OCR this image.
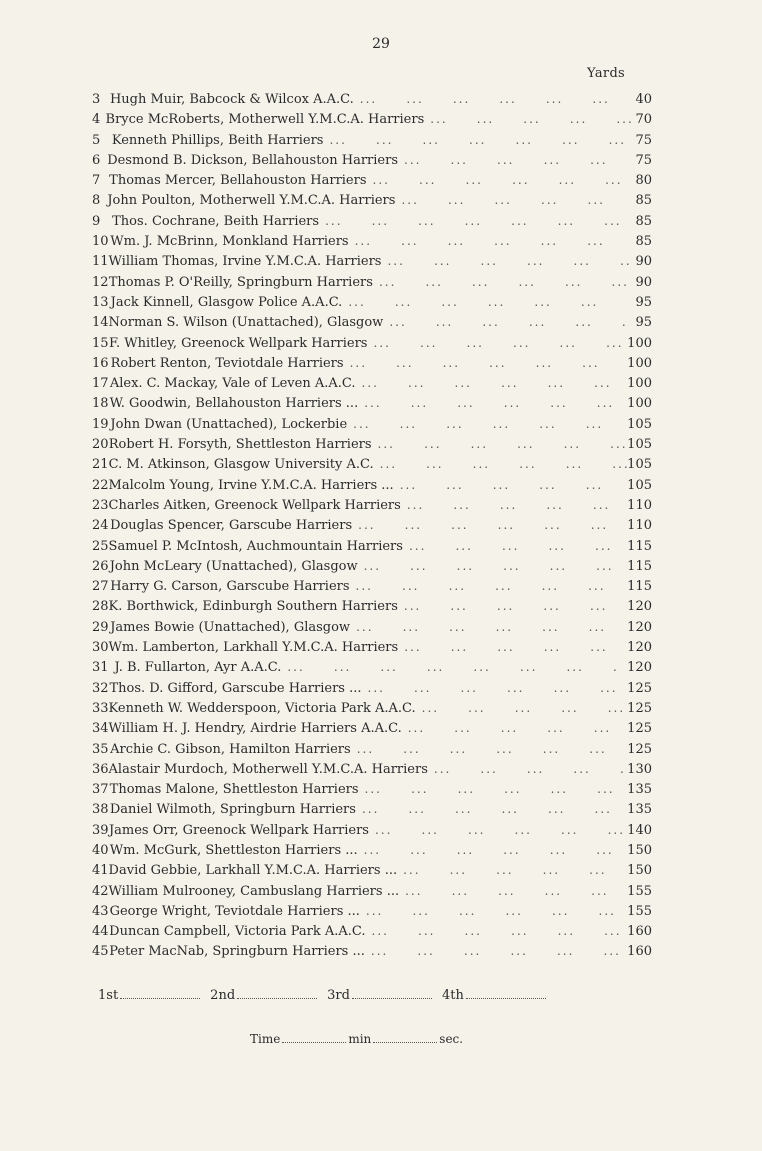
29
Yards
3 Hugh Muir, Babcock & Wilcox A.A.C. ...	40
4 Bryce McRoberts, Motherwell Y.M.C.A. Harriers ...	70
5 Kenneth Phillips, Beith Harriers ...	75
6 Desmond B. Dickson, Bellahouston Harriers ...	75
7 Thomas Mercer, Bellahouston Harriers ...	80
8 John Poulton, Motherwell Y.M.C.A. Harriers ...	85
9 Thos. Cochrane, Beith Harriers ...	85
10 Wm. J. McBrinn, Monkland Harriers ...	85
11 William Thomas, Irvine Y.M.C.A. Harriers ...	90
12 Thomas P. O'Reilly, Springburn Harriers ...	90
13 Jack Kinnell, Glasgow Police A.A.C. ...	95
14 Norman S. Wilson (Unattached), Glasgow ...	95
15 F. Whitley, Greenock Wellpark Harriers ...	100
16 Robert Renton, Teviotdale Harriers ...	100
17 Alex. C. Mackay, Vale of Leven A.A.C. ...	100
18 W. Goodwin, Bellahouston Harriers ... ...	100
19 John Dwan (Unattached), Lockerbie ...	105
20 Robert H. Forsyth, Shettleston Harriers ...	105
21 C. M. Atkinson, Glasgow University A.C. ...	105
22 Malcolm Young, Irvine Y.M.C.A. Harriers ... ...	105
23 Charles Aitken, Greenock Wellpark Harriers ...	110
24 Douglas Spencer, Garscube Harriers ...	110
25 Samuel P. McIntosh, Auchmountain Harriers ...	115
26 John McLeary (Unattached), Glasgow ...	115
27 Harry G. Carson, Garscube Harriers ...	115
28 K. Borthwick, Edinburgh Southern Harriers ...	120
29 James Bowie (Unattached), Glasgow ...	120
30 Wm. Lamberton, Larkhall Y.M.C.A. Harriers ...	120
31 J. B. Fullarton, Ayr A.A.C. ...	120
32 Thos. D. Gifford, Garscube Harriers ... ...	125
33 Kenneth W. Wedderspoon, Victoria Park A.A.C. ...	125
34 William H. J. Hendry, Airdrie Harriers A.A.C. ...	125
35 Archie C. Gibson, Hamilton Harriers ...	125
36 Alastair Murdoch, Motherwell Y.M.C.A. Harriers ...	130
37 Thomas Malone, Shettleston Harriers ...	135
38 Daniel Wilmoth, Springburn Harriers ...	135
39 James Orr, Greenock Wellpark Harriers ...	140
40 Wm. McGurk, Shettleston Harriers ... ...	150
41 David Gebbie, Larkhall Y.M.C.A. Harriers ... ...	150
42 William Mulrooney, Cambuslang Harriers ... ...	155
43 George Wright, Teviotdale Harriers ... ...	155
44 Duncan Campbell, Victoria Park A.A.C. ...	160
45 Peter MacNab, Springburn Harriers ... ...	160
1st	2nd	3rd	4th
Time	min	sec.
